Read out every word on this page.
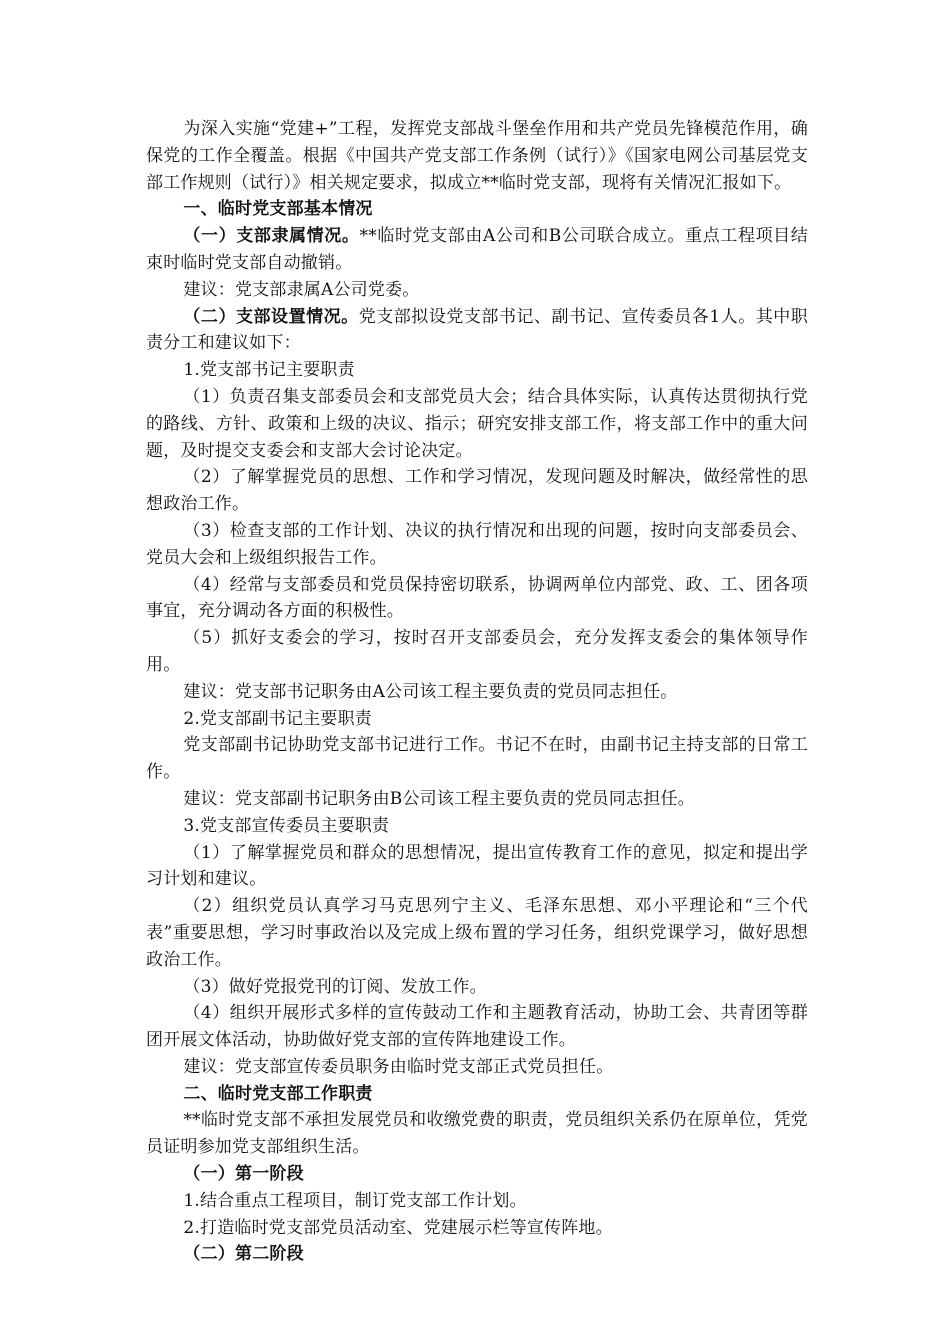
为深入实施“党建+”工程，发挥党支部战斗堡垒作用和共产党员先锋模范作用，确保党的工作全覆盖。根据《中国共产党支部工作条例（试行）》《国家电网公司基层党支部工作规则（试行）》相关规定要求，拟成立**临时党支部，现将有关情况汇报如下。

一、临时党支部基本情况

（一）支部隶属情况。**临时党支部由A公司和B公司联合成立。重点工程项目结束时临时党支部自动撤销。

建议：党支部隶属A公司党委。

（二）支部设置情况。党支部拟设党支部书记、副书记、宣传委员各1人。其中职责分工和建议如下：

1.党支部书记主要职责

（1）负责召集支部委员会和支部党员大会；结合具体实际，认真传达贯彻执行党的路线、方针、政策和上级的决议、指示；研究安排支部工作，将支部工作中的重大问题，及时提交支委会和支部大会讨论决定。

（2）了解掌握党员的思想、工作和学习情况，发现问题及时解决，做经常性的思想政治工作。

（3）检查支部的工作计划、决议的执行情况和出现的问题，按时向支部委员会、党员大会和上级组织报告工作。

（4）经常与支部委员和党员保持密切联系，协调两单位内部党、政、工、团各项事宜，充分调动各方面的积极性。

（5）抓好支委会的学习，按时召开支部委员会，充分发挥支委会的集体领导作用。

建议：党支部书记职务由A公司该工程主要负责的党员同志担任。

2.党支部副书记主要职责

党支部副书记协助党支部书记进行工作。书记不在时，由副书记主持支部的日常工作。

建议：党支部副书记职务由B公司该工程主要负责的党员同志担任。

3.党支部宣传委员主要职责

（1）了解掌握党员和群众的思想情况，提出宣传教育工作的意见，拟定和提出学习计划和建议。

（2）组织党员认真学习马克思列宁主义、毛泽东思想、邓小平理论和“三个代表”重要思想，学习时事政治以及完成上级布置的学习任务，组织党课学习，做好思想政治工作。

（3）做好党报党刊的订阅、发放工作。

（4）组织开展形式多样的宣传鼓动工作和主题教育活动，协助工会、共青团等群团开展文体活动，协助做好党支部的宣传阵地建设工作。

建议：党支部宣传委员职务由临时党支部正式党员担任。

二、临时党支部工作职责

**临时党支部不承担发展党员和收缴党费的职责，党员组织关系仍在原单位，凭党员证明参加党支部组织生活。

（一）第一阶段

1.结合重点工程项目，制订党支部工作计划。

2.打造临时党支部党员活动室、党建展示栏等宣传阵地。

（二）第二阶段
